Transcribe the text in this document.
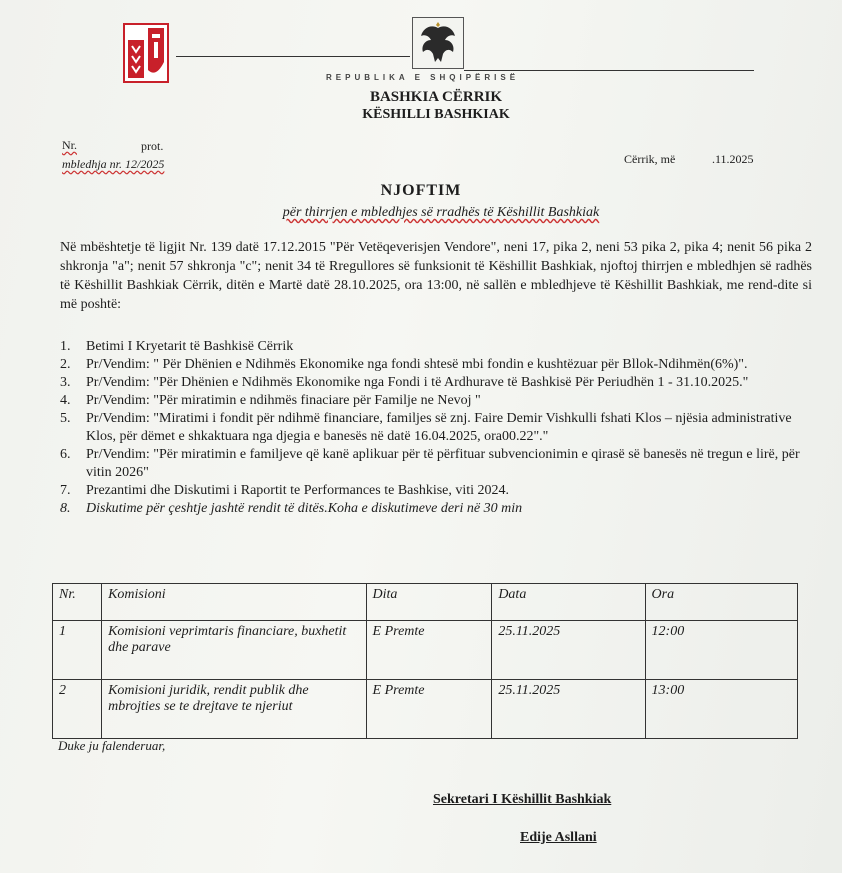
REPUBLIKA E SHQIPËRISË
BASHKIA CËRRIK
KËSHILLI BASHKIAK
Nr.	prot.
mbledhja nr. 12/2025	Cërrik, më	.11.2025
NJOFTIM
për thirrjen e mbledhjes së rradhës të Këshillit Bashkiak
Në mbështetje të ligjit Nr. 139 datë 17.12.2015 "Për Vetëqeverisjen Vendore", neni 17, pika 2, neni 53 pika 2, pika 4; nenit 56 pika 2 shkronja "a"; nenit 57 shkronja "c"; nenit 34 të Rregullores së funksionit të Këshillit Bashkiak, njoftoj thirrjen e mbledhjen së radhës të Këshillit Bashkiak Cërrik, ditën e Martë datë 28.10.2025, ora 13:00, në sallën e mbledhjeve të Këshillit Bashkiak, me rend-dite si më poshtë:
1. Betimi I Kryetarit të Bashkisë Cërrik
2. Pr/Vendim: " Për Dhënien e Ndihmës Ekonomike nga fondi shtesë mbi fondin e kushtëzuar për Bllok-Ndihmën(6%)".
3. Pr/Vendim: "Për Dhënien e Ndihmës Ekonomike nga Fondi i të Ardhurave të Bashkisë Për Periudhën 1 - 31.10.2025."
4. Pr/Vendim: "Për miratimin e ndihmës finaciare për Familje ne Nevoj "
5. Pr/Vendim: "Miratimi i fondit për ndihmë financiare, familjes së znj. Faire Demir Vishkulli fshati Klos – njësia administrative Klos, për dëmet e shkaktuara nga djegia e banesës në datë 16.04.2025, ora00.22"."
6. Pr/Vendim: "Për miratimin e familjeve që kanë aplikuar për të përfituar subvencionimin e qirasë së banesës në tregun e lirë, për vitin 2026"
7. Prezantimi dhe Diskutimi i Raportit te Performances te Bashkise, viti 2024.
8. Diskutime për çeshtje jashtë rendit të ditës.Koha e diskutimeve deri në 30 min
Nr.	Komisioni	Dita	Data	Ora
1	Komisioni veprimtaris financiare, buxhetit dhe parave	E Premte	25.11.2025	12:00
2	Komisioni juridik, rendit publik dhe mbrojties se te drejtave te njeriut	E Premte	25.11.2025	13:00
Duke ju falenderuar,
Sekretari I Këshillit Bashkiak
Edije Asllani
